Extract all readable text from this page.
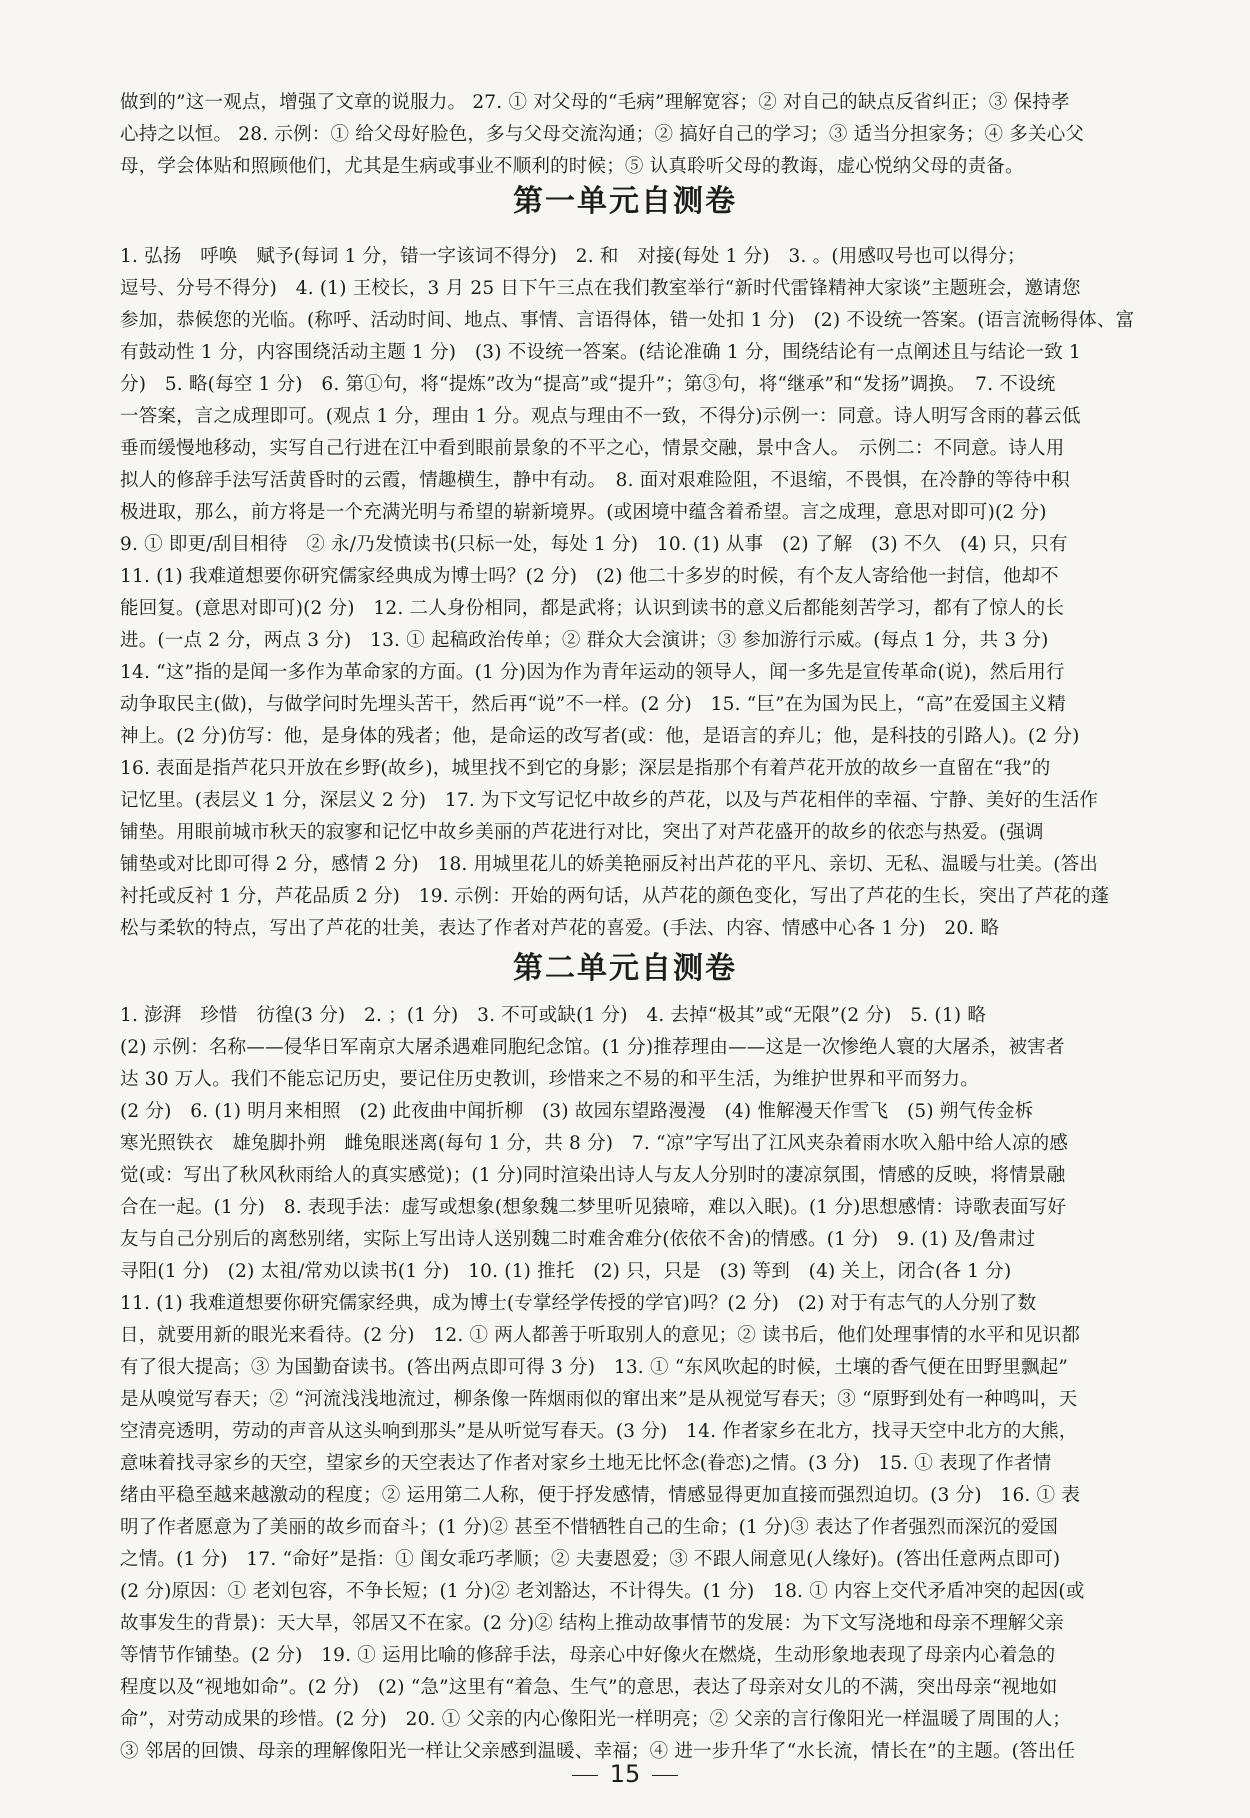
做到的”这一观点，增强了文章的说服力。 27. ① 对父母的“毛病”理解宽容；② 对自己的缺点反省纠正；③ 保持孝
心持之以恒。 28. 示例：① 给父母好脸色，多与父母交流沟通；② 搞好自己的学习；③ 适当分担家务；④ 多关心父
母，学会体贴和照顾他们，尤其是生病或事业不顺利的时候；⑤ 认真聆听父母的教诲，虚心悦纳父母的责备。
第一单元自测卷
1. 弘扬　呼唤　赋予(每词 1 分，错一字该词不得分)　2. 和　对接(每处 1 分)　3. 。(用感叹号也可以得分；
逗号、分号不得分)　4. (1) 王校长，3 月 25 日下午三点在我们教室举行“新时代雷锋精神大家谈”主题班会，邀请您
参加，恭候您的光临。(称呼、活动时间、地点、事情、言语得体，错一处扣 1 分)　(2) 不设统一答案。(语言流畅得体、富
有鼓动性 1 分，内容围绕活动主题 1 分)　(3) 不设统一答案。(结论准确 1 分，围绕结论有一点阐述且与结论一致 1
分)　5. 略(每空 1 分)　6. 第①句，将“提炼”改为“提高”或“提升”；第③句，将“继承”和“发扬”调换。　7. 不设统
一答案，言之成理即可。(观点 1 分，理由 1 分。观点与理由不一致，不得分)示例一：同意。诗人明写含雨的暮云低
垂而缓慢地移动，实写自己行进在江中看到眼前景象的不平之心，情景交融，景中含人。　示例二：不同意。诗人用
拟人的修辞手法写活黄昏时的云霞，情趣横生，静中有动。　8. 面对艰难险阻，不退缩，不畏惧，在冷静的等待中积
极进取，那么，前方将是一个充满光明与希望的崭新境界。(或困境中蕴含着希望。言之成理，意思对即可)(2 分)
9. ① 即更/刮目相待　② 永/乃发愤读书(只标一处，每处 1 分)　10. (1) 从事　(2) 了解　(3) 不久　(4) 只，只有
11. (1) 我难道想要你研究儒家经典成为博士吗？(2 分)　(2) 他二十多岁的时候，有个友人寄给他一封信，他却不
能回复。(意思对即可)(2 分)　12. 二人身份相同，都是武将；认识到读书的意义后都能刻苦学习，都有了惊人的长
进。(一点 2 分，两点 3 分)　13. ① 起稿政治传单；② 群众大会演讲；③ 参加游行示威。(每点 1 分，共 3 分)
14. “这”指的是闻一多作为革命家的方面。(1 分)因为作为青年运动的领导人，闻一多先是宣传革命(说)，然后用行
动争取民主(做)，与做学问时先埋头苦干，然后再“说”不一样。(2 分)　15. “巨”在为国为民上，“高”在爱国主义精
神上。(2 分)仿写：他，是身体的残者；他，是命运的改写者(或：他，是语言的弃儿；他，是科技的引路人)。(2 分)
16. 表面是指芦花只开放在乡野(故乡)，城里找不到它的身影；深层是指那个有着芦花开放的故乡一直留在“我”的
记忆里。(表层义 1 分，深层义 2 分)　17. 为下文写记忆中故乡的芦花，以及与芦花相伴的幸福、宁静、美好的生活作
铺垫。用眼前城市秋天的寂寥和记忆中故乡美丽的芦花进行对比，突出了对芦花盛开的故乡的依恋与热爱。(强调
铺垫或对比即可得 2 分，感情 2 分)　18. 用城里花儿的娇美艳丽反衬出芦花的平凡、亲切、无私、温暖与壮美。(答出
衬托或反衬 1 分，芦花品质 2 分)　19. 示例：开始的两句话，从芦花的颜色变化，写出了芦花的生长，突出了芦花的蓬
松与柔软的特点，写出了芦花的壮美，表达了作者对芦花的喜爱。(手法、内容、情感中心各 1 分)　20. 略
第二单元自测卷
1. 澎湃　珍惜　彷徨(3 分)　2. ；(1 分)　3. 不可或缺(1 分)　4. 去掉“极其”或“无限”(2 分)　5. (1) 略
(2) 示例：名称——侵华日军南京大屠杀遇难同胞纪念馆。(1 分)推荐理由——这是一次惨绝人寰的大屠杀，被害者
达 30 万人。我们不能忘记历史，要记住历史教训，珍惜来之不易的和平生活，为维护世界和平而努力。
(2 分)　6. (1) 明月来相照　(2) 此夜曲中闻折柳　(3) 故园东望路漫漫　(4) 惟解漫天作雪飞　(5) 朔气传金柝
寒光照铁衣　雄兔脚扑朔　雌兔眼迷离(每句 1 分，共 8 分)　7. “凉”字写出了江风夹杂着雨水吹入船中给人凉的感
觉(或：写出了秋风秋雨给人的真实感觉)；(1 分)同时渲染出诗人与友人分别时的凄凉氛围，情感的反映，将情景融
合在一起。(1 分)　8. 表现手法：虚写或想象(想象魏二梦里听见猿啼，难以入眠)。(1 分)思想感情：诗歌表面写好
友与自己分别后的离愁别绪，实际上写出诗人送别魏二时难舍难分(依依不舍)的情感。(1 分)　9. (1) 及/鲁肃过
寻阳(1 分)　(2) 太祖/常劝以读书(1 分)　10. (1) 推托　(2) 只，只是　(3) 等到　(4) 关上，闭合(各 1 分)
11. (1) 我难道想要你研究儒家经典，成为博士(专掌经学传授的学官)吗？(2 分)　(2) 对于有志气的人分别了数
日，就要用新的眼光来看待。(2 分)　12. ① 两人都善于听取别人的意见；② 读书后，他们处理事情的水平和见识都
有了很大提高；③ 为国勤奋读书。(答出两点即可得 3 分)　13. ① “东风吹起的时候，土壤的香气便在田野里飘起”
是从嗅觉写春天；② “河流浅浅地流过，柳条像一阵烟雨似的窜出来”是从视觉写春天；③ “原野到处有一种鸣叫，天
空清亮透明，劳动的声音从这头响到那头”是从听觉写春天。(3 分)　14. 作者家乡在北方，找寻天空中北方的大熊，
意味着找寻家乡的天空，望家乡的天空表达了作者对家乡土地无比怀念(眷恋)之情。(3 分)　15. ① 表现了作者情
绪由平稳至越来越激动的程度；② 运用第二人称，便于抒发感情，情感显得更加直接而强烈迫切。(3 分)　16. ① 表
明了作者愿意为了美丽的故乡而奋斗；(1 分)② 甚至不惜牺牲自己的生命；(1 分)③ 表达了作者强烈而深沉的爱国
之情。(1 分)　17. “命好”是指：① 闺女乖巧孝顺；② 夫妻恩爱；③ 不跟人闹意见(人缘好)。(答出任意两点即可)
(2 分)原因：① 老刘包容，不争长短；(1 分)② 老刘豁达，不计得失。(1 分)　18. ① 内容上交代矛盾冲突的起因(或
故事发生的背景)：天大旱，邻居又不在家。(2 分)② 结构上推动故事情节的发展：为下文写浇地和母亲不理解父亲
等情节作铺垫。(2 分)　19. ① 运用比喻的修辞手法，母亲心中好像火在燃烧，生动形象地表现了母亲内心着急的
程度以及“视地如命”。(2 分)　(2) “急”这里有“着急、生气”的意思，表达了母亲对女儿的不满，突出母亲“视地如
命”，对劳动成果的珍惜。(2 分)　20. ① 父亲的内心像阳光一样明亮；② 父亲的言行像阳光一样温暖了周围的人；
③ 邻居的回馈、母亲的理解像阳光一样让父亲感到温暖、幸福；④ 进一步升华了“水长流，情长在”的主题。(答出任
15
